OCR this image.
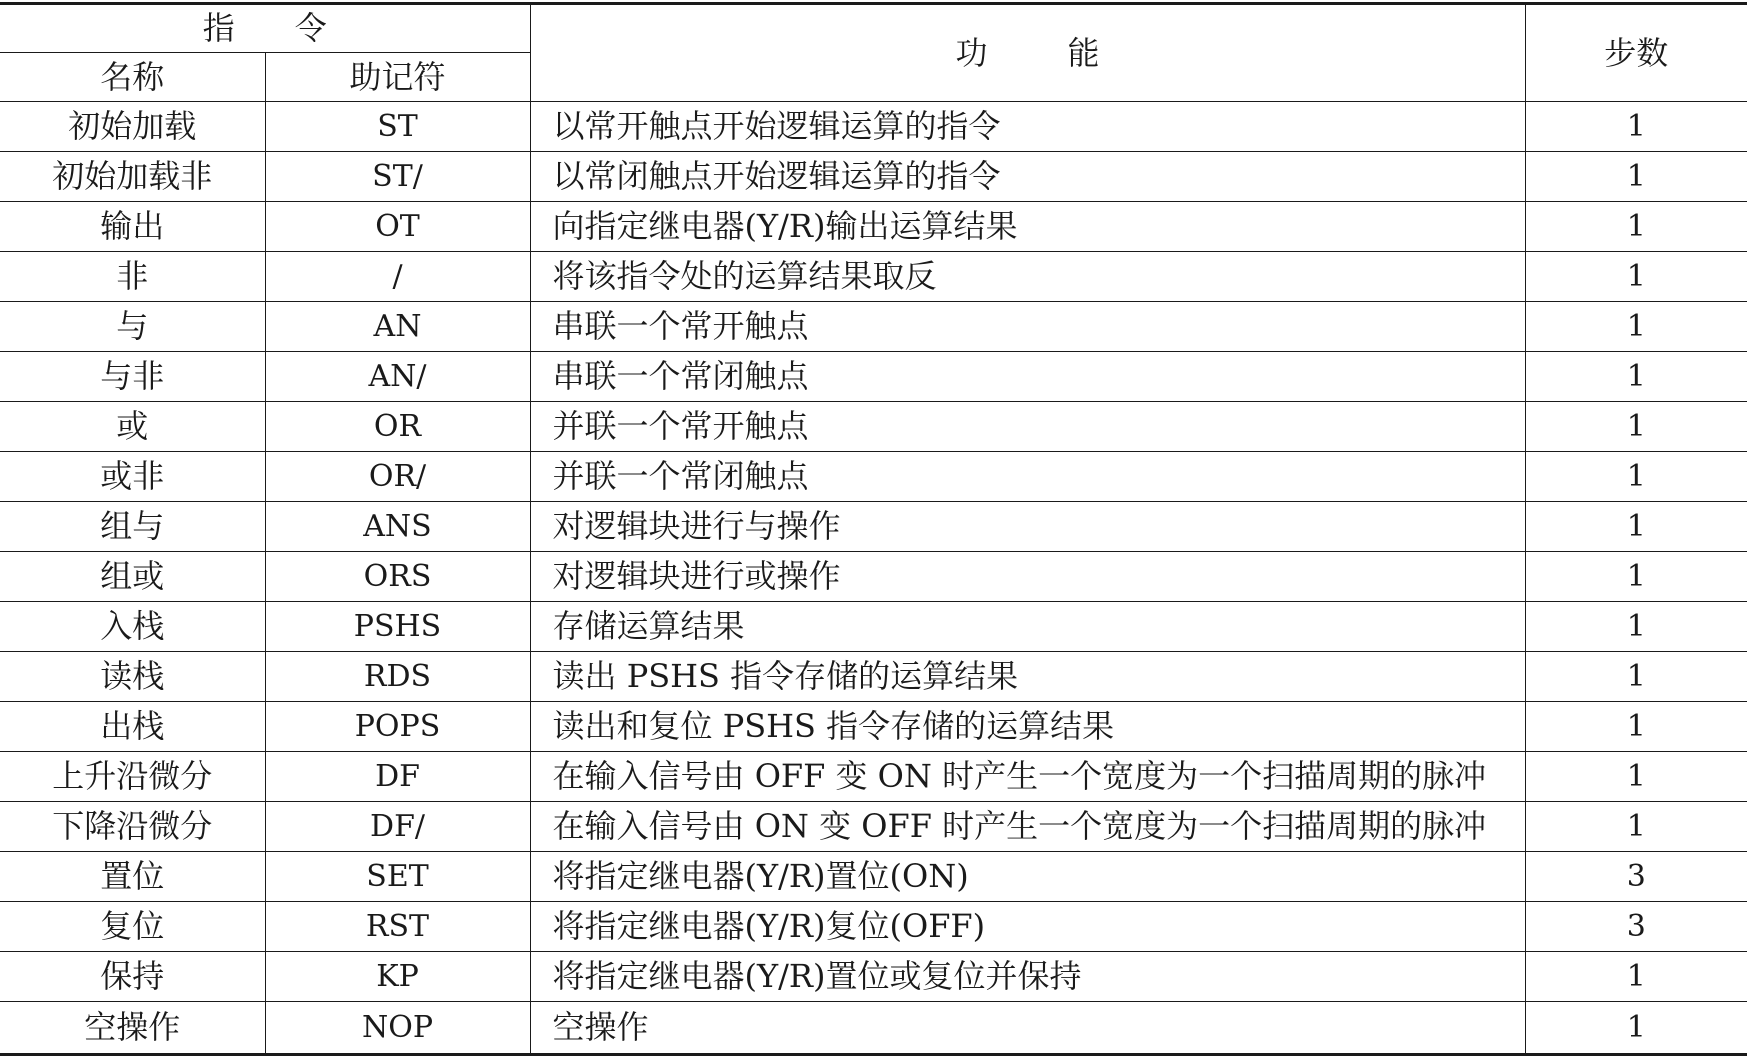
指令		功能	步数
名称	助记符		
初始加载	ST	以常开触点开始逻辑运算的指令	1
初始加载非	ST/	以常闭触点开始逻辑运算的指令	1
输出	OT	向指定继电器(Y/R)输出运算结果	1
非	/	将该指令处的运算结果取反	1
与	AN	串联一个常开触点	1
与非	AN/	串联一个常闭触点	1
或	OR	并联一个常开触点	1
或非	OR/	并联一个常闭触点	1
组与	ANS	对逻辑块进行与操作	1
组或	ORS	对逻辑块进行或操作	1
入栈	PSHS	存储运算结果	1
读栈	RDS	读出 PSHS 指令存储的运算结果	1
出栈	POPS	读出和复位 PSHS 指令存储的运算结果	1
上升沿微分	DF	在输入信号由 OFF 变 ON 时产生一个宽度为一个扫描周期的脉冲	1
下降沿微分	DF/	在输入信号由 ON 变 OFF 时产生一个宽度为一个扫描周期的脉冲	1
置位	SET	将指定继电器(Y/R)置位(ON)	3
复位	RST	将指定继电器(Y/R)复位(OFF)	3
保持	KP	将指定继电器(Y/R)置位或复位并保持	1
空操作	NOP	空操作	1
